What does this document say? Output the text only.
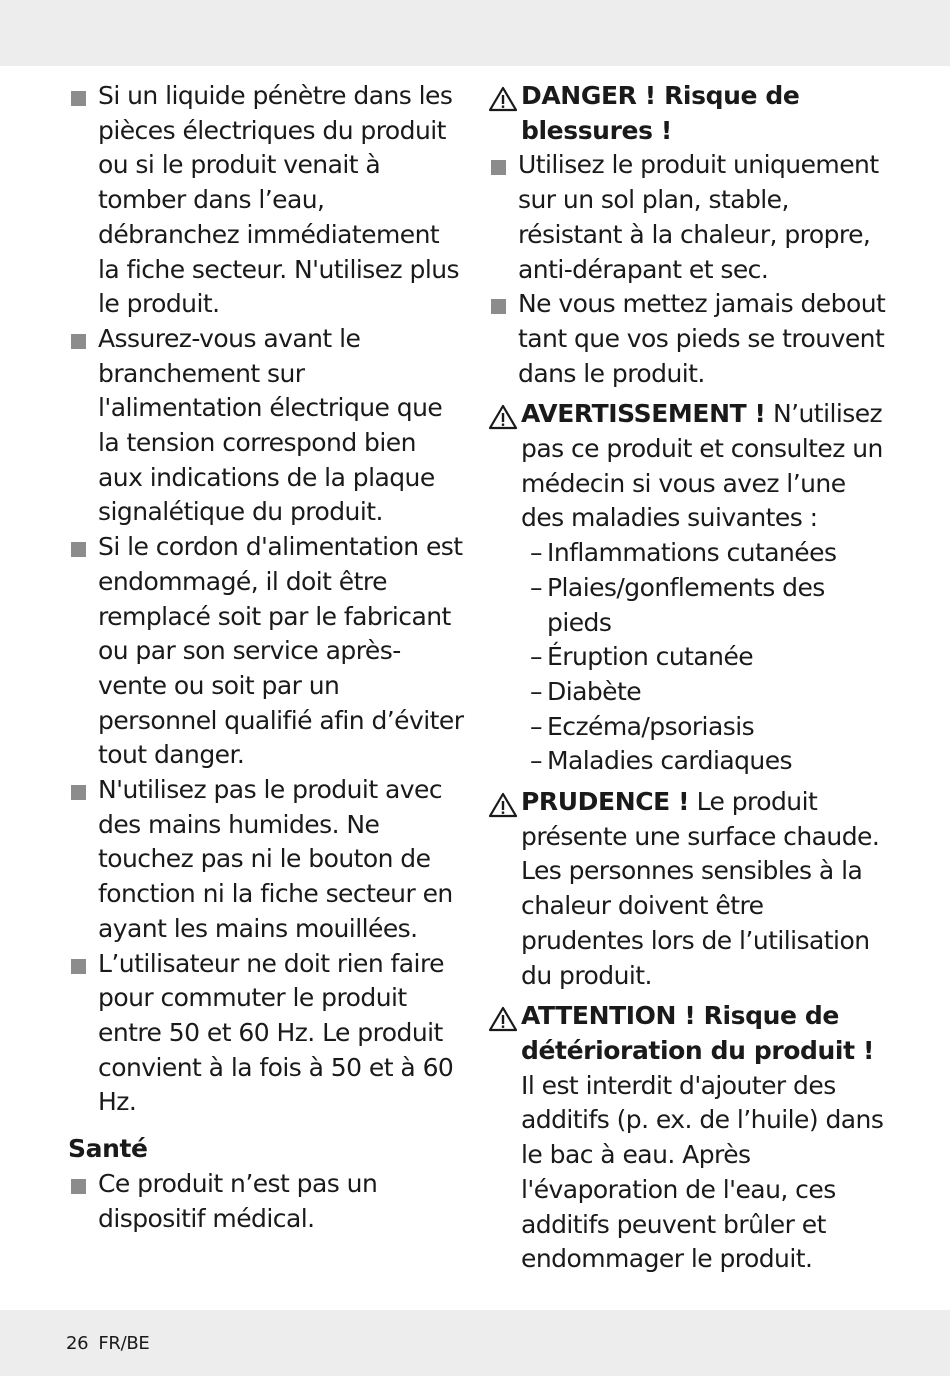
Si un liquide pénètre dans les pièces électriques du produit ou si le produit venait à tomber dans l’eau, débranchez immédiatement la fiche secteur. N'utilisez plus le produit.
Assurez-vous avant le branchement sur l'alimentation électrique que la tension correspond bien aux indications de la plaque signalétique du produit.
Si le cordon d'alimentation est endommagé, il doit être remplacé soit par le fabricant ou par son service après-vente ou soit par un personnel qualifié afin d’éviter tout danger.
N'utilisez pas le produit avec des mains humides. Ne touchez pas ni le bouton de fonction ni la fiche secteur en ayant les mains mouillées.
L’utilisateur ne doit rien faire pour commuter le produit entre 50 et 60 Hz. Le produit convient à la fois à 50 et à 60 Hz.
Santé
Ce produit n’est pas un dispositif médical.
DANGER ! Risque de blessures !
Utilisez le produit uniquement sur un sol plan, stable, résistant à la chaleur, propre, anti-dérapant et sec.
Ne vous mettez jamais debout tant que vos pieds se trouvent dans le produit.
AVERTISSEMENT ! N’utilisez pas ce produit et consultez un médecin si vous avez l’une des maladies suivantes :
– Inflammations cutanées
– Plaies/gonflements des pieds
– Éruption cutanée
– Diabète
– Eczéma/psoriasis
– Maladies cardiaques
PRUDENCE ! Le produit présente une surface chaude. Les personnes sensibles à la chaleur doivent être prudentes lors de l’utilisation du produit.
ATTENTION ! Risque de détérioration du produit ! Il est interdit d'ajouter des additifs (p. ex. de l’huile) dans le bac à eau. Après l'évaporation de l'eau, ces additifs peuvent brûler et endommager le produit.
26 FR/BE
